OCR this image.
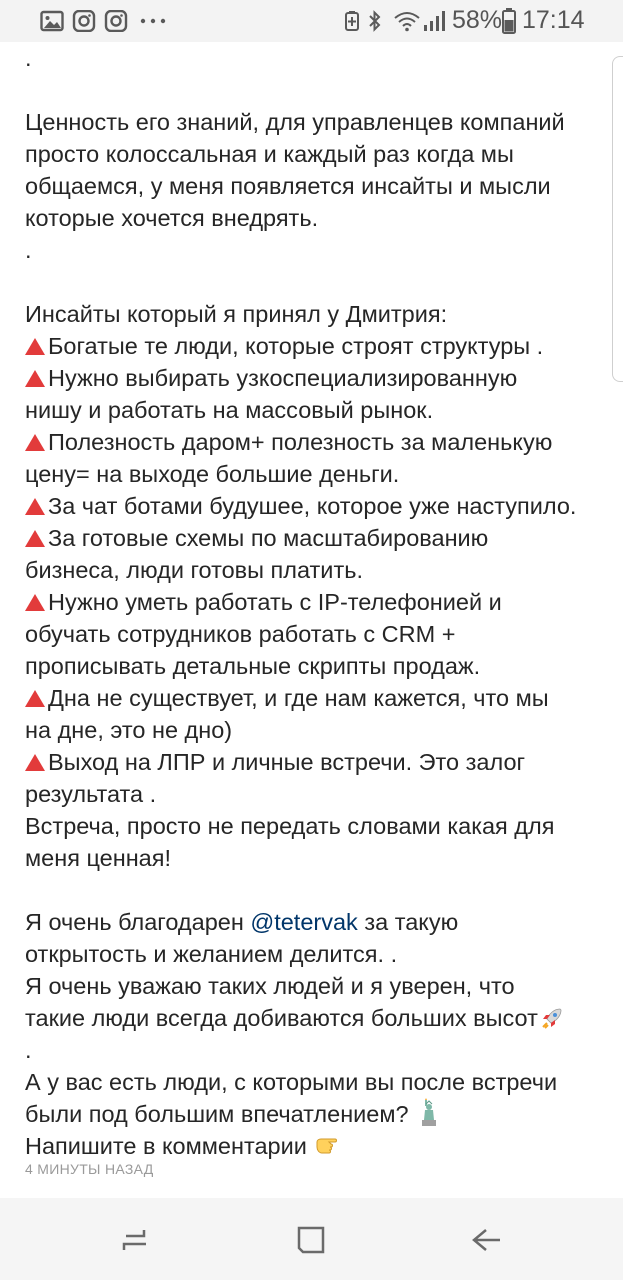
58% 17:14
.
Ценность его знаний, для управленцев компаний
просто колоссальная и каждый раз когда мы
общаемся, у меня появляется инсайты и мысли
которые хочется внедрять.
.
Инсайты который я принял у Дмитрия:
Богатые те люди, которые строят структуры .
Нужно выбирать узкоспециализированную
нишу и работать на массовый рынок.
Полезность даром+ полезность за маленькую
цену= на выходе большие деньги.
За чат ботами будушее, которое уже наступило.
За готовые схемы по масштабированию
бизнеса, люди готовы платить.
Нужно уметь работать с IP-телефонией и
обучать сотрудников работать с CRM +
прописывать детальные скрипты продаж.
Дна не существует, и где нам кажется, что мы
на дне, это не дно)
Выход на ЛПР и личные встречи. Это залог
результата .
Встреча, просто не передать словами какая для
меня ценная!
Я очень благодарен @tetervak за такую
открытость и желанием делится. .
Я очень уважаю таких людей и я уверен, что
такие люди всегда добиваются больших высот
.
А у вас есть люди, с которыми вы после встречи
были под большим впечатлением?
Напишите в комментарии
4 МИНУТЫ НАЗАД
